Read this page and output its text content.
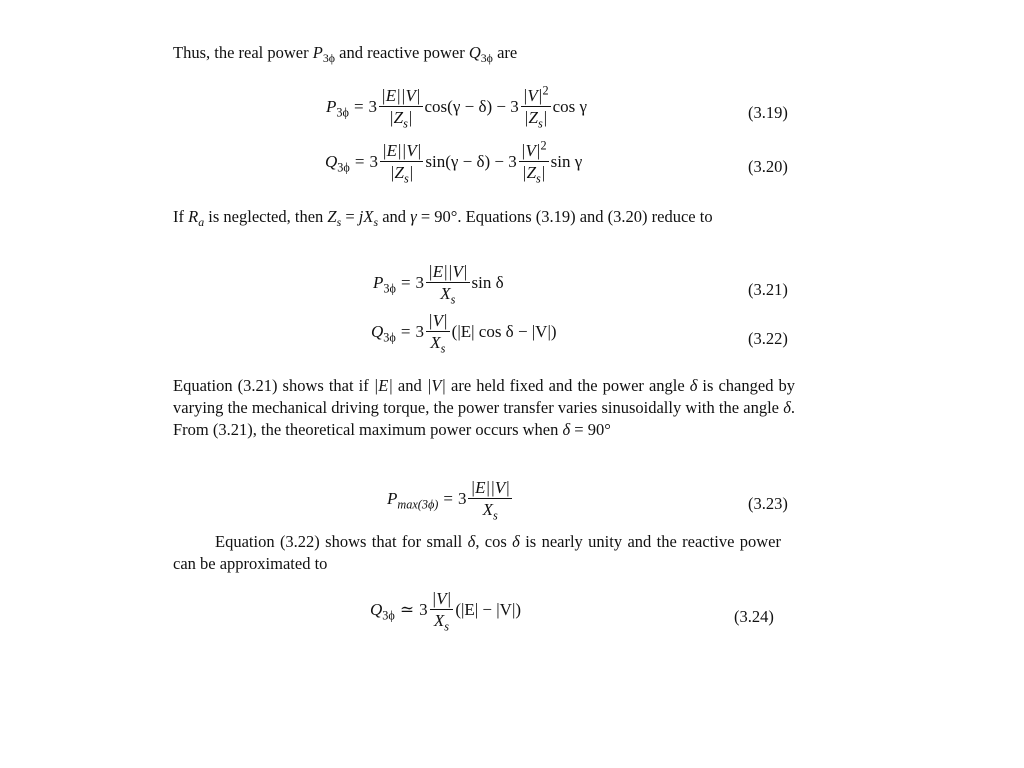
Thus, the real power $P_{3\phi}$ and reactive power $Q_{3\phi}$ are

$P_{3\phi} = 3 \frac{|E||V|}{|Z_s|} \cos(\gamma - \delta) - 3 \frac{|V|^2}{|Z_s|}$ cos γ	(3.19)
$Q_{3\phi} = 3 \frac{|E||V|}{|Z_s|} \sin(\gamma - \delta) - 3 \frac{|V|^2}{|Z_s|}$ sin γ	(3.20)

If $R_a$ is neglected, then $Z_s = jX_s$ and γ = 90°. Equations (3.19) and (3.20) reduce to

$P_{3\phi} = 3 \frac{|E||V|}{X_s}$ sin δ	(3.21)
$Q_{3\phi} = 3 \frac{|V|}{X_s} (|E|$ cos δ − |V|)	(3.22)

Equation (3.21) shows that if |E| and |V| are held fixed and the power angle δ is changed by varying the mechanical driving torque, the power transfer varies sinusoidally with the angle δ. From (3.21), the theoretical maximum power occurs when δ = 90°

$P_{max(3\phi)} = 3 \frac{|E||V|}{X_s}$	(3.23)

Equation (3.22) shows that for small δ, cos δ is nearly unity and the reactive power can be approximated to

$Q_{3\phi}$ ≃ $3 \frac{|V|}{X_s} (|E| - |V|)$	(3.24)
